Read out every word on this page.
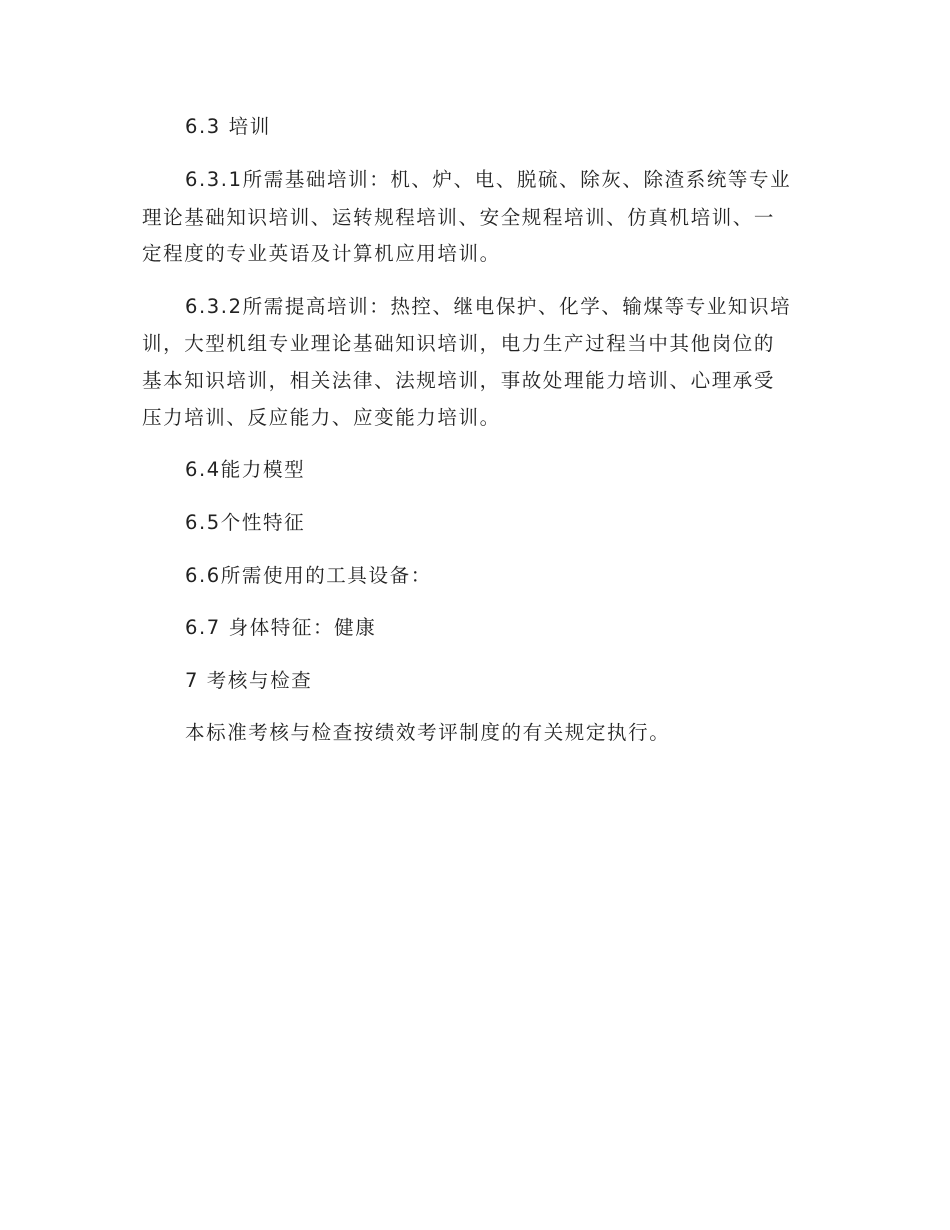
6.3 培训

6.3.1所需基础培训：机、炉、电、脱硫、除灰、除渣系统等专业

理论基础知识培训、运转规程培训、安全规程培训、仿真机培训、一

定程度的专业英语及计算机应用培训。

6.3.2所需提高培训：热控、继电保护、化学、输煤等专业知识培

训，大型机组专业理论基础知识培训，电力生产过程当中其他岗位的

基本知识培训，相关法律、法规培训，事故处理能力培训、心理承受

压力培训、反应能力、应变能力培训。

6.4能力模型

6.5个性特征

6.6所需使用的工具设备：

6.7 身体特征：健康

7 考核与检查

本标准考核与检查按绩效考评制度的有关规定执行。
